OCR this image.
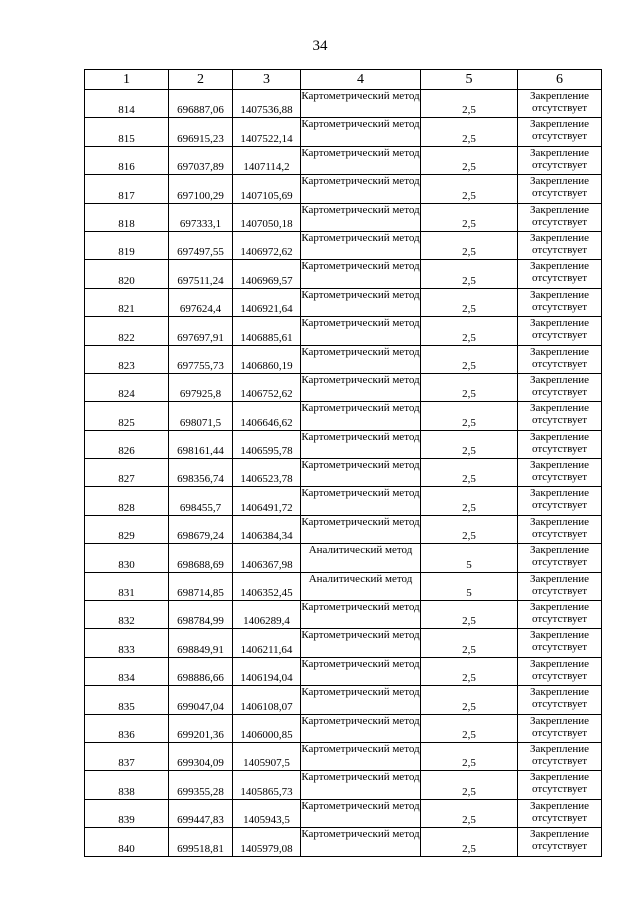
34
1	2	3	4	5	6
814	696887,06	1407536,88	Картометрический метод	2,5	Закрепление отсутствует
815	696915,23	1407522,14	Картометрический метод	2,5	Закрепление отсутствует
816	697037,89	1407114,2	Картометрический метод	2,5	Закрепление отсутствует
817	697100,29	1407105,69	Картометрический метод	2,5	Закрепление отсутствует
818	697333,1	1407050,18	Картометрический метод	2,5	Закрепление отсутствует
819	697497,55	1406972,62	Картометрический метод	2,5	Закрепление отсутствует
820	697511,24	1406969,57	Картометрический метод	2,5	Закрепление отсутствует
821	697624,4	1406921,64	Картометрический метод	2,5	Закрепление отсутствует
822	697697,91	1406885,61	Картометрический метод	2,5	Закрепление отсутствует
823	697755,73	1406860,19	Картометрический метод	2,5	Закрепление отсутствует
824	697925,8	1406752,62	Картометрический метод	2,5	Закрепление отсутствует
825	698071,5	1406646,62	Картометрический метод	2,5	Закрепление отсутствует
826	698161,44	1406595,78	Картометрический метод	2,5	Закрепление отсутствует
827	698356,74	1406523,78	Картометрический метод	2,5	Закрепление отсутствует
828	698455,7	1406491,72	Картометрический метод	2,5	Закрепление отсутствует
829	698679,24	1406384,34	Картометрический метод	2,5	Закрепление отсутствует
830	698688,69	1406367,98	Аналитический метод	5	Закрепление отсутствует
831	698714,85	1406352,45	Аналитический метод	5	Закрепление отсутствует
832	698784,99	1406289,4	Картометрический метод	2,5	Закрепление отсутствует
833	698849,91	1406211,64	Картометрический метод	2,5	Закрепление отсутствует
834	698886,66	1406194,04	Картометрический метод	2,5	Закрепление отсутствует
835	699047,04	1406108,07	Картометрический метод	2,5	Закрепление отсутствует
836	699201,36	1406000,85	Картометрический метод	2,5	Закрепление отсутствует
837	699304,09	1405907,5	Картометрический метод	2,5	Закрепление отсутствует
838	699355,28	1405865,73	Картометрический метод	2,5	Закрепление отсутствует
839	699447,83	1405943,5	Картометрический метод	2,5	Закрепление отсутствует
840	699518,81	1405979,08	Картометрический метод	2,5	Закрепление отсутствует
